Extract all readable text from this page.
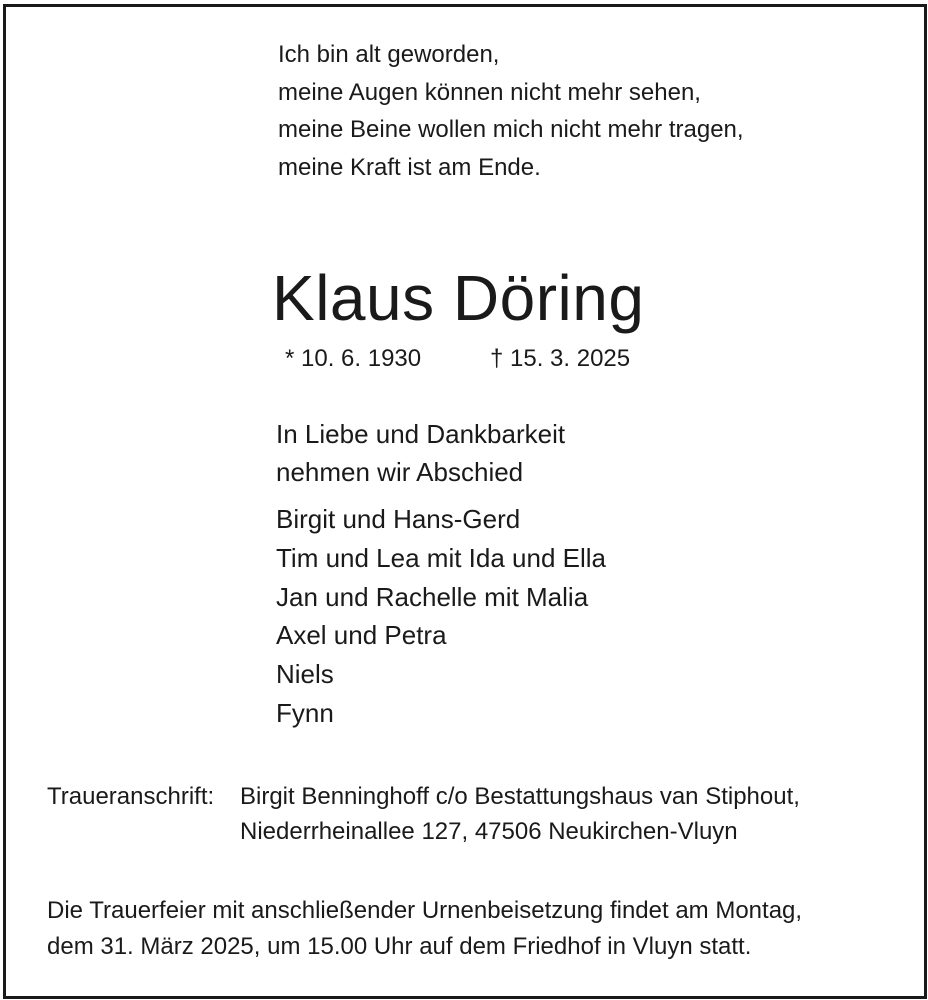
Ich bin alt geworden,
meine Augen können nicht mehr sehen,
meine Beine wollen mich nicht mehr tragen,
meine Kraft ist am Ende.
Klaus Döring
* 10. 6. 1930	† 15. 3. 2025
In Liebe und Dankbarkeit
nehmen wir Abschied
Birgit und Hans-Gerd
Tim und Lea mit Ida und Ella
Jan und Rachelle mit Malia
Axel und Petra
Niels
Fynn
Traueranschrift: Birgit Benninghoff c/o Bestattungshaus van Stiphout,
Niederrheinallee 127, 47506 Neukirchen-Vluyn
Die Trauerfeier mit anschließender Urnenbeisetzung findet am Montag,
dem 31. März 2025, um 15.00 Uhr auf dem Friedhof in Vluyn statt.
